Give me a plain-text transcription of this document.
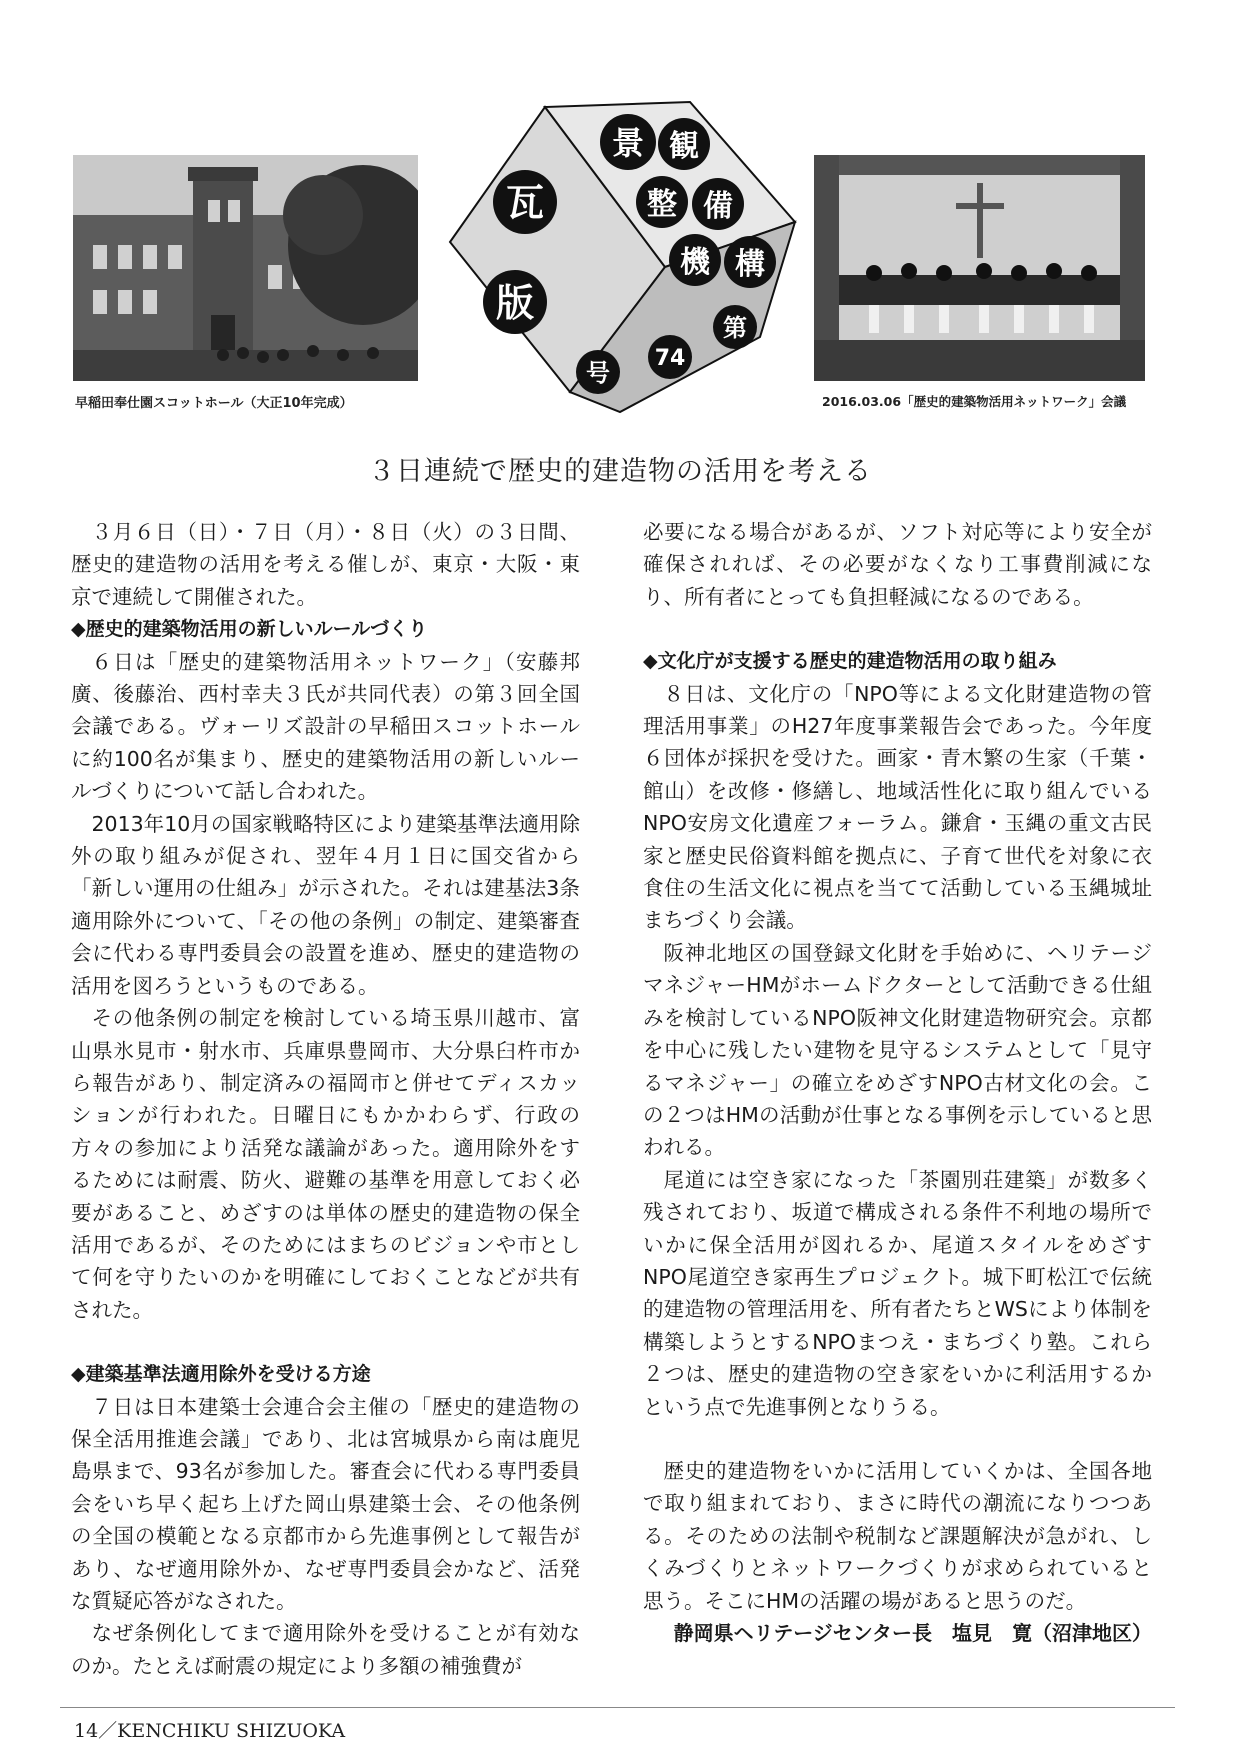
早稲田奉仕園スコットホール（大正10年完成）
景 観
整 備
機 構
瓦
版
第
74
号
2016.03.06「歴史的建築物活用ネットワーク」会議
３日連続で歴史的建造物の活用を考える

３月６日（日）・７日（月）・８日（火）の３日間、歴史的建造物の活用を考える催しが、東京・大阪・東京で連続して開催された。

◆歴史的建築物活用の新しいルールづくり

６日は「歴史的建築物活用ネットワーク」（安藤邦廣、後藤治、西村幸夫３氏が共同代表）の第３回全国会議である。ヴォーリズ設計の早稲田スコットホールに約100名が集まり、歴史的建築物活用の新しいルールづくりについて話し合われた。

2013年10月の国家戦略特区により建築基準法適用除外の取り組みが促され、翌年４月１日に国交省から「新しい運用の仕組み」が示された。それは建基法3条適用除外について、「その他の条例」の制定、建築審査会に代わる専門委員会の設置を進め、歴史的建造物の活用を図ろうというものである。

その他条例の制定を検討している埼玉県川越市、富山県氷見市・射水市、兵庫県豊岡市、大分県臼杵市から報告があり、制定済みの福岡市と併せてディスカッションが行われた。日曜日にもかかわらず、行政の方々の参加により活発な議論があった。適用除外をするためには耐震、防火、避難の基準を用意しておく必要があること、めざすのは単体の歴史的建造物の保全活用であるが、そのためにはまちのビジョンや市として何を守りたいのかを明確にしておくことなどが共有された。

◆建築基準法適用除外を受ける方途

７日は日本建築士会連合会主催の「歴史的建造物の保全活用推進会議」であり、北は宮城県から南は鹿児島県まで、93名が参加した。審査会に代わる専門委員会をいち早く起ち上げた岡山県建築士会、その他条例の全国の模範となる京都市から先進事例として報告があり、なぜ適用除外か、なぜ専門委員会かなど、活発な質疑応答がなされた。

なぜ条例化してまで適用除外を受けることが有効なのか。たとえば耐震の規定により多額の補強費が

必要になる場合があるが、ソフト対応等により安全が確保されれば、その必要がなくなり工事費削減になり、所有者にとっても負担軽減になるのである。

◆文化庁が支援する歴史的建造物活用の取り組み

８日は、文化庁の「NPO等による文化財建造物の管理活用事業」のH27年度事業報告会であった。今年度６団体が採択を受けた。画家・青木繁の生家（千葉・館山）を改修・修繕し、地域活性化に取り組んでいるNPO安房文化遺産フォーラム。鎌倉・玉縄の重文古民家と歴史民俗資料館を拠点に、子育て世代を対象に衣食住の生活文化に視点を当てて活動している玉縄城址まちづくり会議。

阪神北地区の国登録文化財を手始めに、ヘリテージマネジャーHMがホームドクターとして活動できる仕組みを検討しているNPO阪神文化財建造物研究会。京都を中心に残したい建物を見守るシステムとして「見守るマネジャー」の確立をめざすNPO古材文化の会。この２つはHMの活動が仕事となる事例を示していると思われる。

尾道には空き家になった「茶園別荘建築」が数多く残されており、坂道で構成される条件不利地の場所でいかに保全活用が図れるか、尾道スタイルをめざすNPO尾道空き家再生プロジェクト。城下町松江で伝統的建造物の管理活用を、所有者たちとWSにより体制を構築しようとするNPOまつえ・まちづくり塾。これら２つは、歴史的建造物の空き家をいかに利活用するかという点で先進事例となりうる。

歴史的建造物をいかに活用していくかは、全国各地で取り組まれており、まさに時代の潮流になりつつある。そのための法制や税制など課題解決が急がれ、しくみづくりとネットワークづくりが求められていると思う。そこにHMの活躍の場があると思うのだ。

静岡県ヘリテージセンター長　塩見　寛（沼津地区）

14／KENCHIKU SHIZUOKA
